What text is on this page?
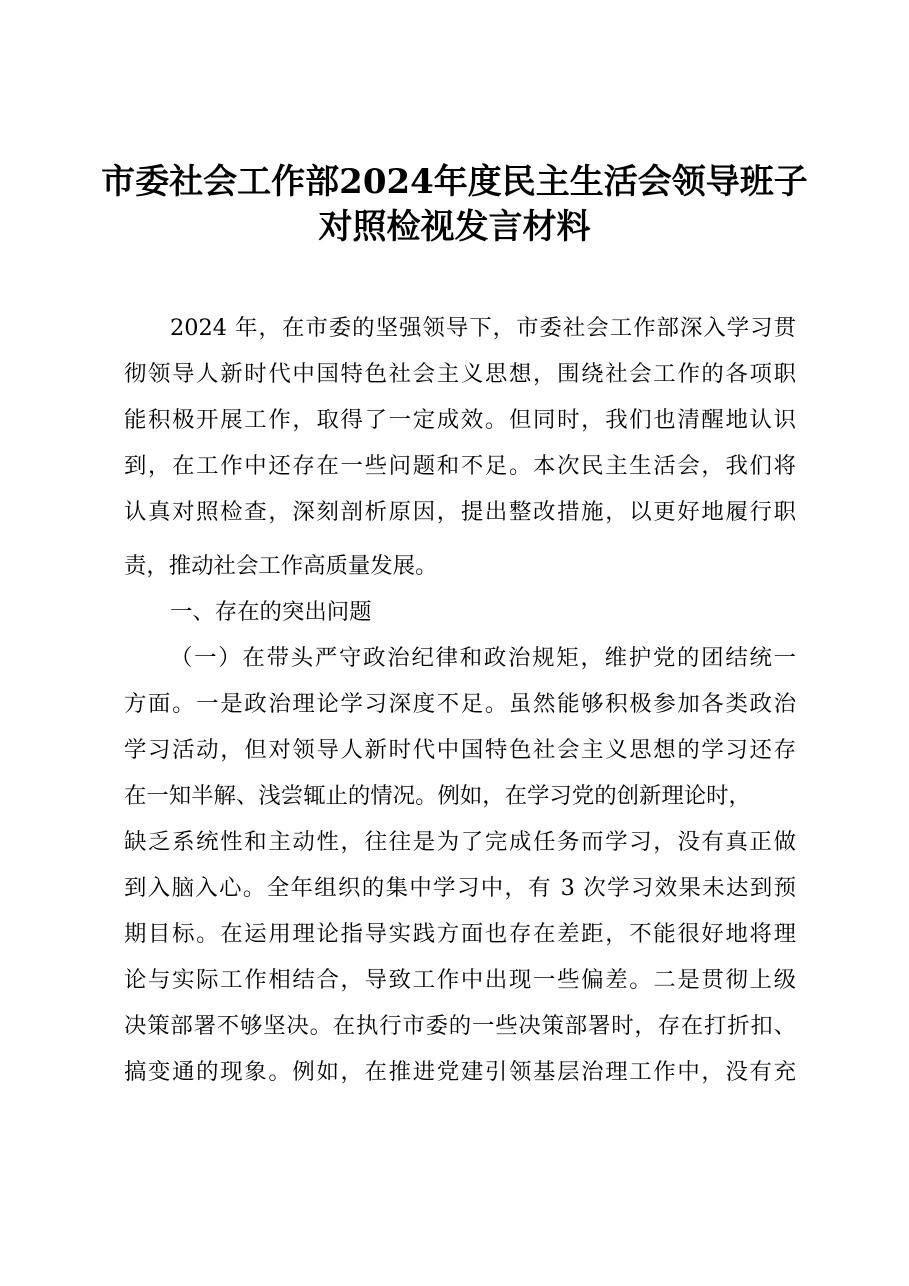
市委社会工作部2024年度民主生活会领导班子
对照检视发言材料
2024 年，在市委的坚强领导下，市委社会工作部深入学习贯
彻领导人新时代中国特色社会主义思想，围绕社会工作的各项职
能积极开展工作，取得了一定成效。但同时，我们也清醒地认识
到，在工作中还存在一些问题和不足。本次民主生活会，我们将
认真对照检查，深刻剖析原因，提出整改措施，以更好地履行职
责，推动社会工作高质量发展。
一、存在的突出问题
（一）在带头严守政治纪律和政治规矩，维护党的团结统一
方面。一是政治理论学习深度不足。虽然能够积极参加各类政治
学习活动，但对领导人新时代中国特色社会主义思想的学习还存
在一知半解、浅尝辄止的情况。例如，在学习党的创新理论时，
缺乏系统性和主动性，往往是为了完成任务而学习，没有真正做
到入脑入心。全年组织的集中学习中，有 3 次学习效果未达到预
期目标。在运用理论指导实践方面也存在差距，不能很好地将理
论与实际工作相结合，导致工作中出现一些偏差。二是贯彻上级
决策部署不够坚决。在执行市委的一些决策部署时，存在打折扣、
搞变通的现象。例如，在推进党建引领基层治理工作中，没有充
